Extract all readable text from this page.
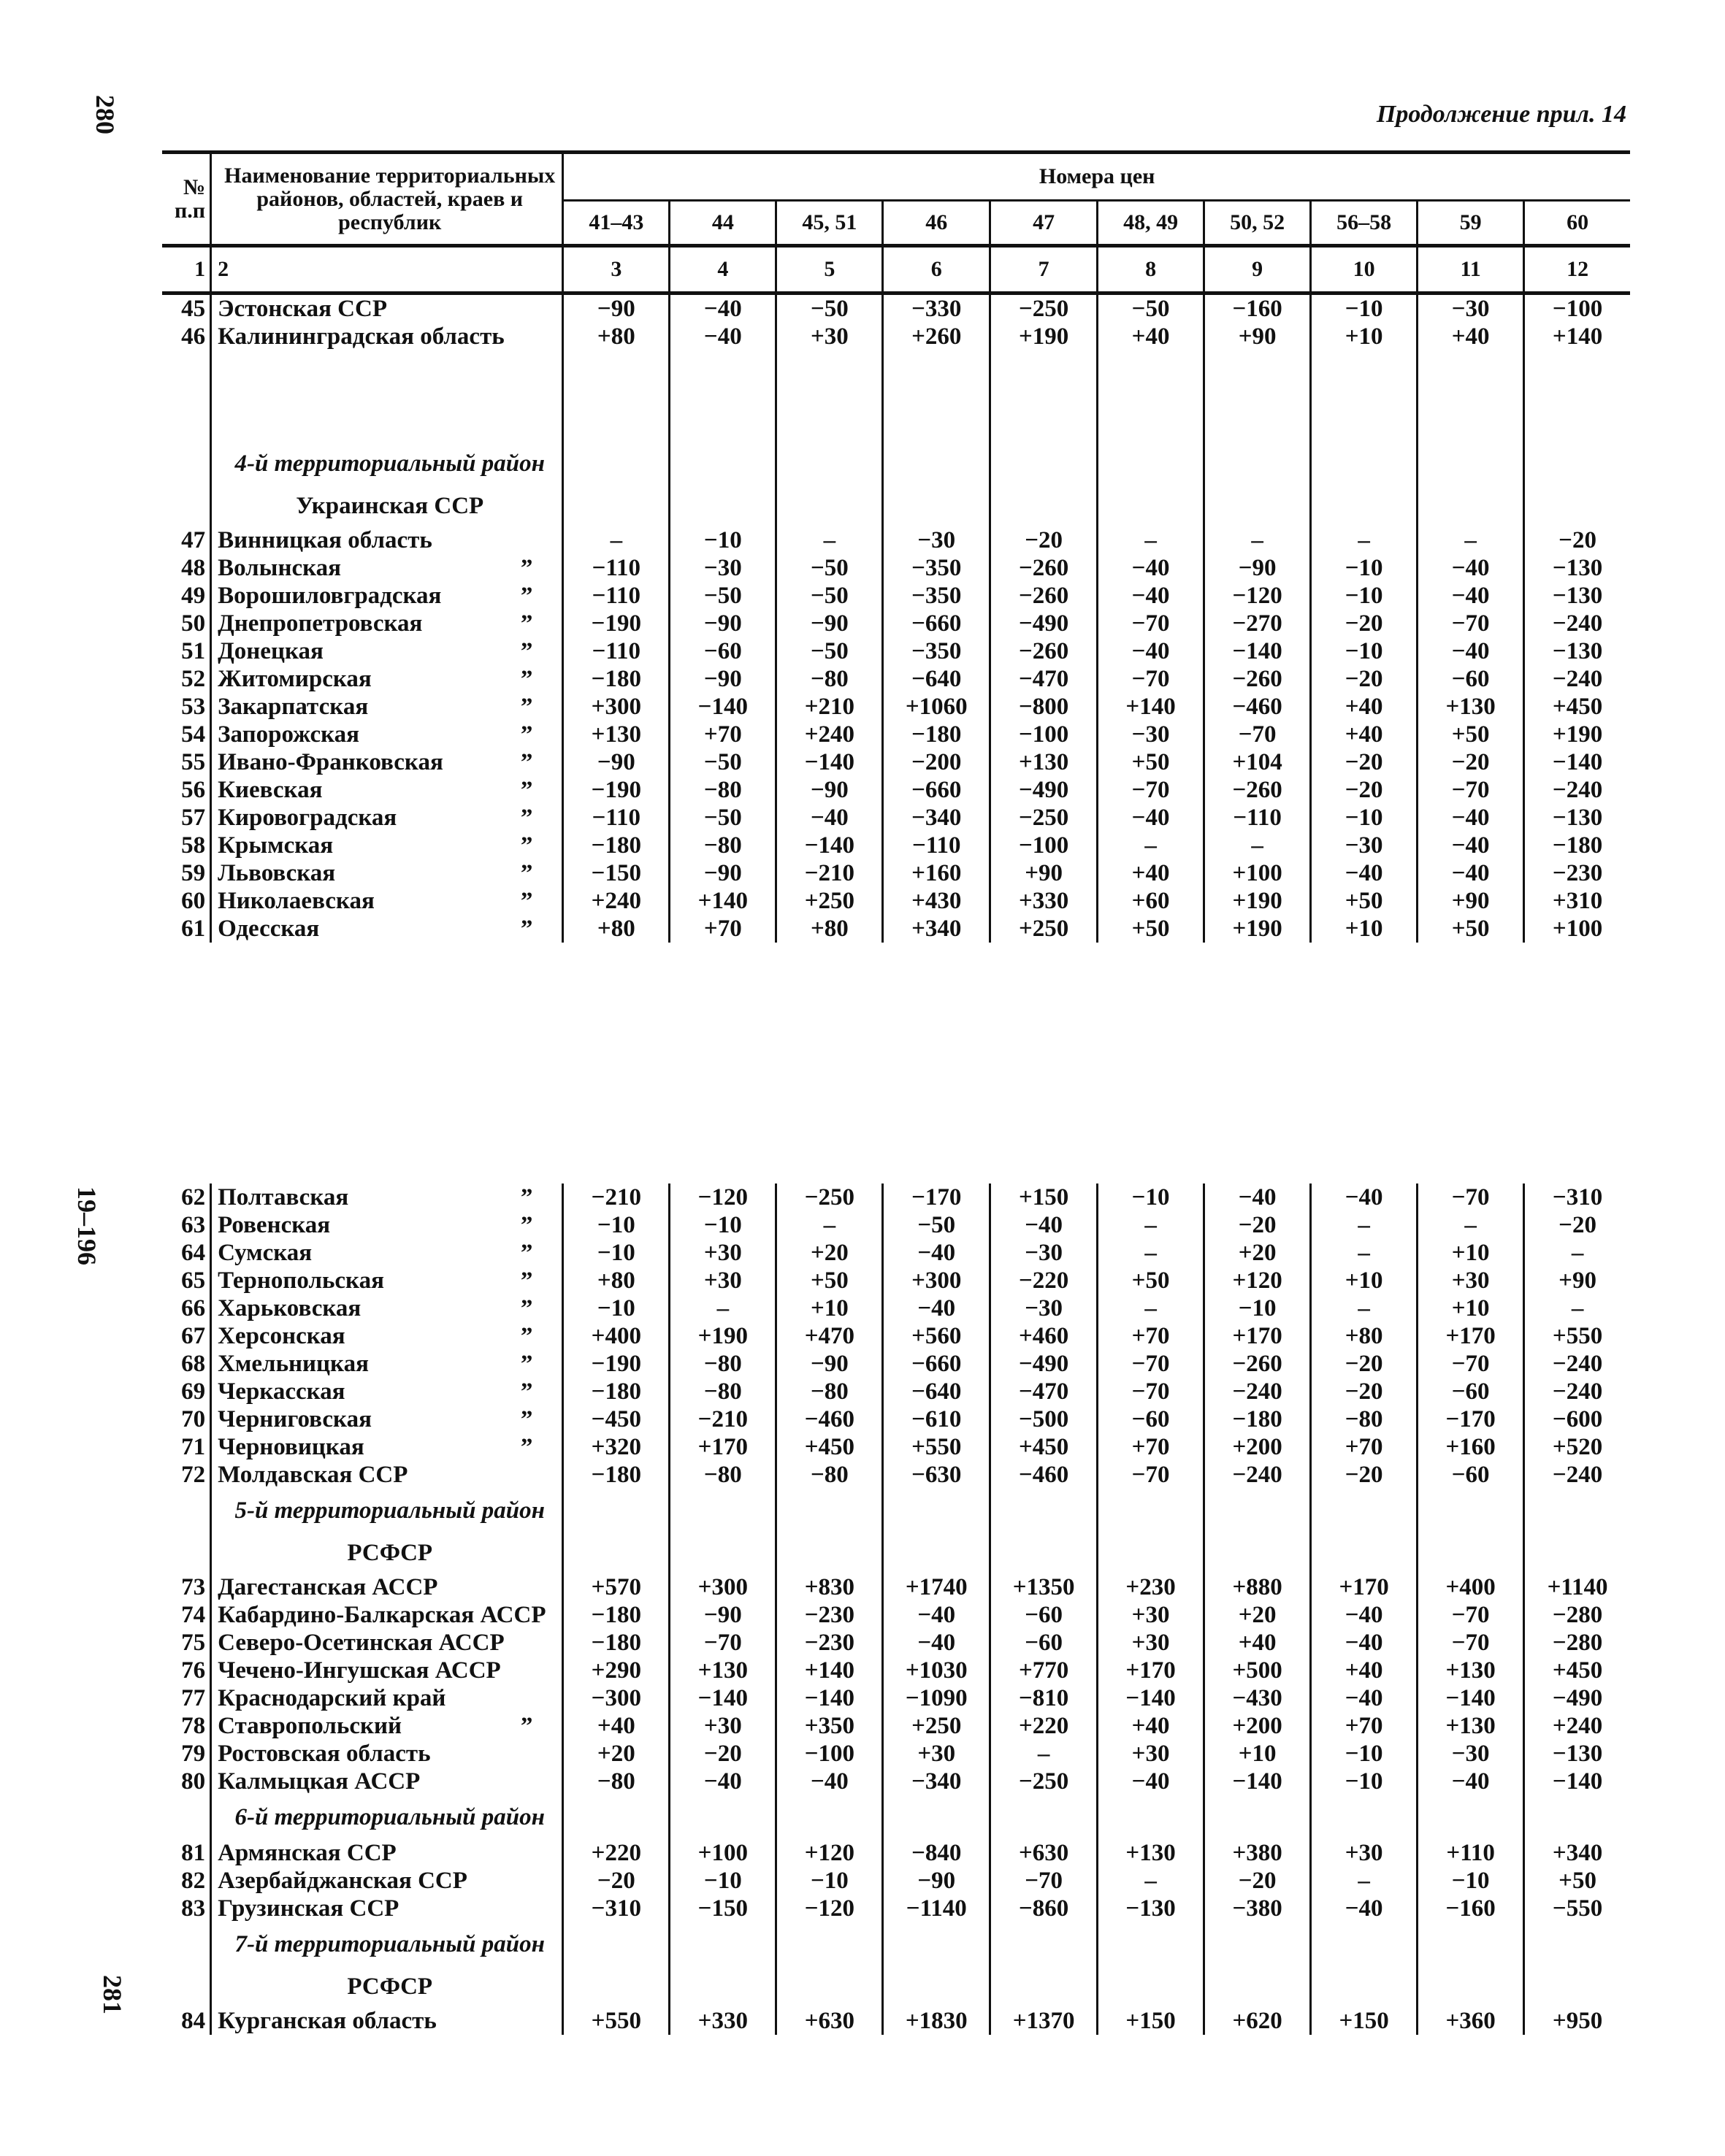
280
19–196
281
Продолжение прил. 14
№ п.п	Наименование территориальных районов, областей, краев и республик	Номера цен									
		41–43	44	45, 51	46	47	48, 49	50, 52	56–58	59	60
1	2	3	4	5	6	7	8	9	10	11	12
45	Эстонская ССР	−90	−40	−50	−330	−250	−50	−160	−10	−30	−100
46	Калининградская область	+80	−40	+30	+260	+190	+40	+90	+10	+40	+140

	4-й территориальный район										
	Украинская ССР										
47	Винницкая область	–	−10	–	−30	−20	–	–	–	–	−20
48	Волынская ”	−110	−30	−50	−350	−260	−40	−90	−10	−40	−130
49	Ворошиловградская ”	−110	−50	−50	−350	−260	−40	−120	−10	−40	−130
50	Днепропетровская ”	−190	−90	−90	−660	−490	−70	−270	−20	−70	−240
51	Донецкая ”	−110	−60	−50	−350	−260	−40	−140	−10	−40	−130
52	Житомирская ”	−180	−90	−80	−640	−470	−70	−260	−20	−60	−240
53	Закарпатская ”	+300	−140	+210	+1060	−800	+140	−460	+40	+130	+450
54	Запорожская ”	+130	+70	+240	−180	−100	−30	−70	+40	+50	+190
55	Ивано-Франковская ”	−90	−50	−140	−200	+130	+50	+104	−20	−20	−140
56	Киевская ”	−190	−80	−90	−660	−490	−70	−260	−20	−70	−240
57	Кировоградская ”	−110	−50	−40	−340	−250	−40	−110	−10	−40	−130
58	Крымская ”	−180	−80	−140	−110	−100	–	–	−30	−40	−180
59	Львовская ”	−150	−90	−210	+160	+90	+40	+100	−40	−40	−230
60	Николаевская ”	+240	+140	+250	+430	+330	+60	+190	+50	+90	+310
61	Одесская ”	+80	+70	+80	+340	+250	+50	+190	+10	+50	+100

62	Полтавская ”	−210	−120	−250	−170	+150	−10	−40	−40	−70	−310
63	Ровенская ”	−10	−10	–	−50	−40	–	−20	–	–	−20
64	Сумская ”	−10	+30	+20	−40	−30	–	+20	–	+10	–
65	Тернопольская ”	+80	+30	+50	+300	−220	+50	+120	+10	+30	+90
66	Харьковская ”	−10	–	+10	−40	−30	–	−10	–	+10	–
67	Херсонская ”	+400	+190	+470	+560	+460	+70	+170	+80	+170	+550
68	Хмельницкая ”	−190	−80	−90	−660	−490	−70	−260	−20	−70	−240
69	Черкасская ”	−180	−80	−80	−640	−470	−70	−240	−20	−60	−240
70	Черниговская ”	−450	−210	−460	−610	−500	−60	−180	−80	−170	−600
71	Черновицкая ”	+320	+170	+450	+550	+450	+70	+200	+70	+160	+520
72	Молдавская ССР	−180	−80	−80	−630	−460	−70	−240	−20	−60	−240
	5-й территориальный район										
	РСФСР										
73	Дагестанская АССР	+570	+300	+830	+1740	+1350	+230	+880	+170	+400	+1140
74	Кабардино-Балкарская АССР	−180	−90	−230	−40	−60	+30	+20	−40	−70	−280
75	Северо-Осетинская АССР	−180	−70	−230	−40	−60	+30	+40	−40	−70	−280
76	Чечено-Ингушская АССР	+290	+130	+140	+1030	+770	+170	+500	+40	+130	+450
77	Краснодарский край	−300	−140	−140	−1090	−810	−140	−430	−40	−140	−490
78	Ставропольский ”	+40	+30	+350	+250	+220	+40	+200	+70	+130	+240
79	Ростовская область	+20	−20	−100	+30	–	+30	+10	−10	−30	−130
80	Калмыцкая АССР	−80	−40	−40	−340	−250	−40	−140	−10	−40	−140
	6-й территориальный район										
81	Армянская ССР	+220	+100	+120	−840	+630	+130	+380	+30	+110	+340
82	Азербайджанская ССР	−20	−10	−10	−90	−70	–	−20	–	−10	+50
83	Грузинская ССР	−310	−150	−120	−1140	−860	−130	−380	−40	−160	−550
	7-й территориальный район										
	РСФСР										
84	Курганская область	+550	+330	+630	+1830	+1370	+150	+620	+150	+360	+950
